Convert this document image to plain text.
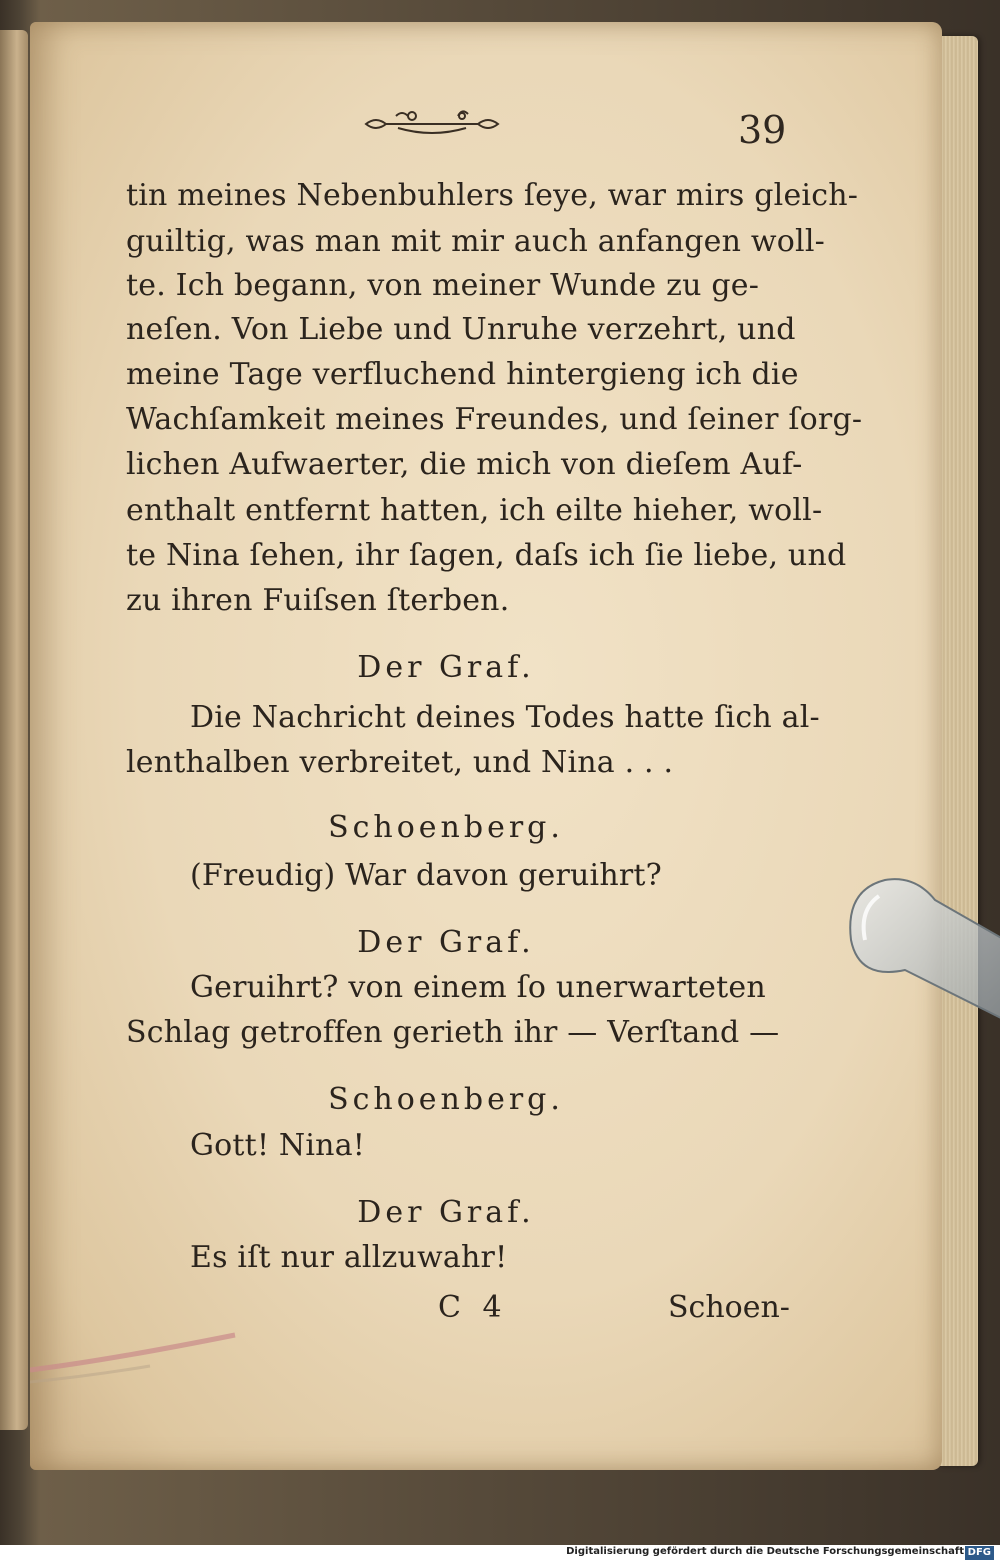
39
tin meines Nebenbuhlers ſeye, war mirs gleich-
guiltig, was man mit mir auch anfangen woll-
te. Ich begann, von meiner Wunde zu ge-
neſen. Von Liebe und Unruhe verzehrt, und
meine Tage verfluchend hintergieng ich die
Wachſamkeit meines Freundes, und ſeiner ſorg-
lichen Aufwaerter, die mich von dieſem Auf-
enthalt entfernt hatten, ich eilte hieher, woll-
te Nina ſehen, ihr ſagen, daſs ich ſie liebe, und
zu ihren Fuiſsen ſterben.
Der Graf.
Die Nachricht deines Todes hatte ſich al-
lenthalben verbreitet, und Nina . . .
Schoenberg.
(Freudig) War davon geruihrt?
Der Graf.
Geruihrt? von einem ſo unerwarteten
Schlag getroffen gerieth ihr — Verſtand —
Schoenberg.
Gott! Nina!
Der Graf.
Es iſt nur allzuwahr!
C 4	Schoen-
Digitalisierung gefördert durch die Deutsche Forschungsgemeinschaft DFG
